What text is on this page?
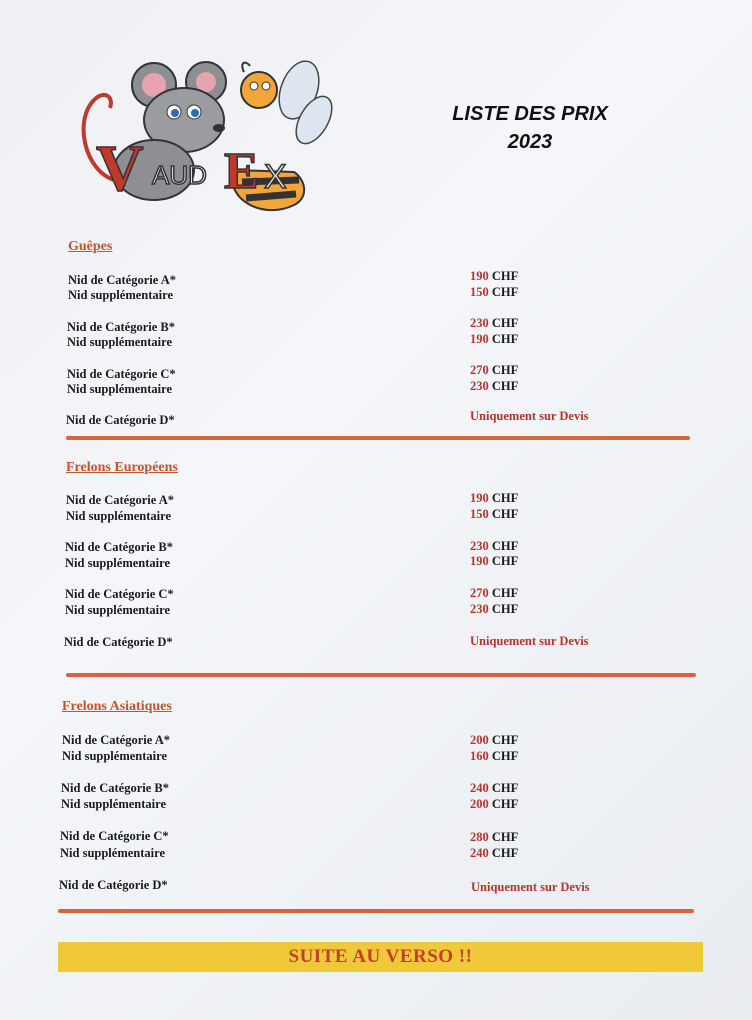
V AUD E X
LISTE DES PRIX
2023
Guêpes
Nid de Catégorie A*	190 CHF
Nid supplémentaire	150 CHF
Nid de Catégorie B*	230 CHF
Nid supplémentaire	190 CHF
Nid de Catégorie C*	270 CHF
Nid supplémentaire	230 CHF
Nid de Catégorie D*	Uniquement sur Devis
Frelons Européens
Nid de Catégorie A*	190 CHF
Nid supplémentaire	150 CHF
Nid de Catégorie B*	230 CHF
Nid supplémentaire	190 CHF
Nid de Catégorie C*	270 CHF
Nid supplémentaire	230 CHF
Nid de Catégorie D*	Uniquement sur Devis
Frelons Asiatiques
Nid de Catégorie A*	200 CHF
Nid supplémentaire	160 CHF
Nid de Catégorie B*	240 CHF
Nid supplémentaire	200 CHF
Nid de Catégorie C*	280 CHF
Nid supplémentaire	240 CHF
Nid de Catégorie D*	Uniquement sur Devis
SUITE AU VERSO !!
